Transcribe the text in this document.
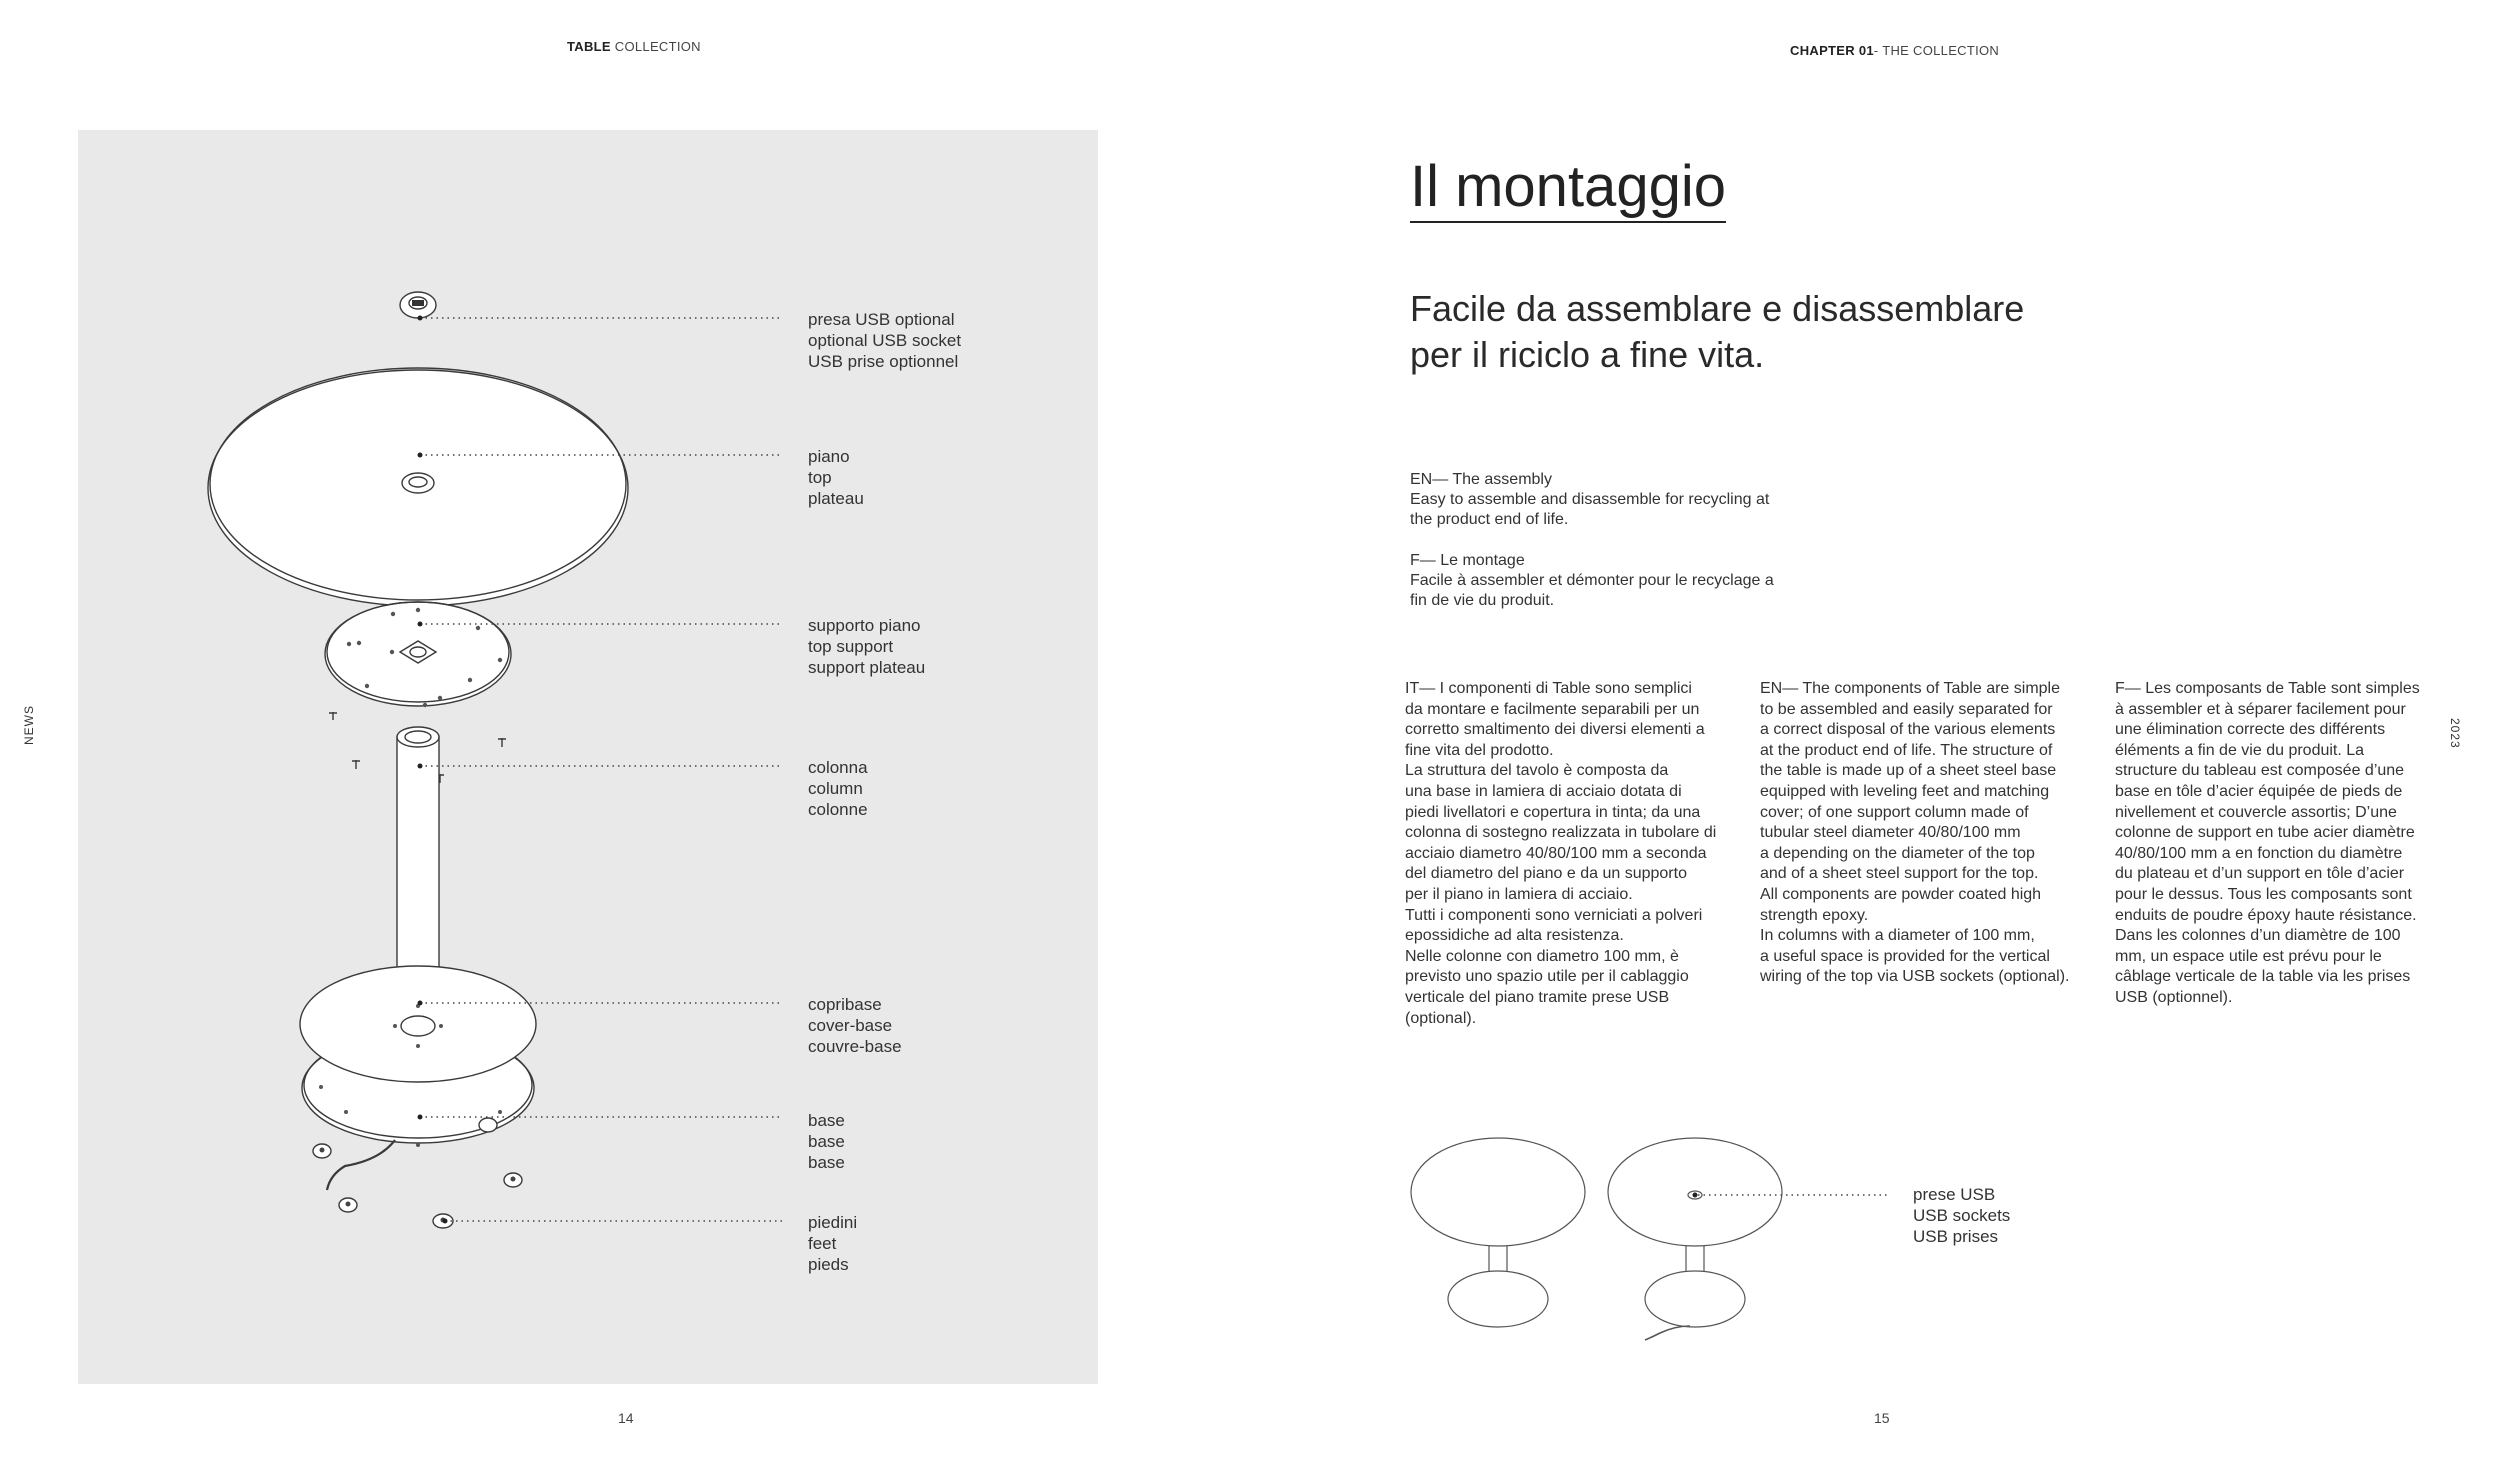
TABLE COLLECTION	CHAPTER 01- THE COLLECTION
NEWS	2023
presa USB optional
optional USB socket
USB prise optionnel
piano
top
plateau
supporto piano
top support
support plateau
colonna
column
colonne
copribase
cover-base
couvre-base
base
base
base
piedini
feet
pieds
14
Il montaggio
Facile da assemblare e disassemblare
per il riciclo a fine vita.
EN— The assembly
Easy to assemble and disassemble for recycling at
the product end of life.
F— Le montage
Facile à assembler et démonter pour le recyclage a
fin de vie du produit.
IT— I componenti di Table sono semplici
da montare e facilmente separabili per un
corretto smaltimento dei diversi elementi a
fine vita del prodotto.
La struttura del tavolo è composta da
una base in lamiera di acciaio dotata di
piedi livellatori e copertura in tinta; da una
colonna di sostegno realizzata in tubolare di
acciaio diametro 40/80/100 mm a seconda
del diametro del piano e da un supporto
per il piano in lamiera di acciaio.
Tutti i componenti sono verniciati a polveri
epossidiche ad alta resistenza.
Nelle colonne con diametro 100 mm, è
previsto uno spazio utile per il cablaggio
verticale del piano tramite prese USB
(optional).
EN— The components of Table are simple
to be assembled and easily separated for
a correct disposal of the various elements
at the product end of life. The structure of
the table is made up of a sheet steel base
equipped with leveling feet and matching
cover; of one support column made of
tubular steel diameter 40/80/100 mm
a depending on the diameter of the top
and of a sheet steel support for the top.
All components are powder coated high
strength epoxy.
In columns with a diameter of 100 mm,
a useful space is provided for the vertical
wiring of the top via USB sockets (optional).
F— Les composants de Table sont simples
à assembler et à séparer facilement pour
une élimination correcte des différents
éléments a fin de vie du produit. La
structure du tableau est composée d’une
base en tôle d’acier équipée de pieds de
nivellement et couvercle assortis; D’une
colonne de support en tube acier diamètre
40/80/100 mm a en fonction du diamètre
du plateau et d’un support en tôle d’acier
pour le dessus. Tous les composants sont
enduits de poudre époxy haute résistance.
Dans les colonnes d’un diamètre de 100
mm, un espace utile est prévu pour le
câblage verticale de la table via les prises
USB (optionnel).
prese USB
USB sockets
USB prises
15
